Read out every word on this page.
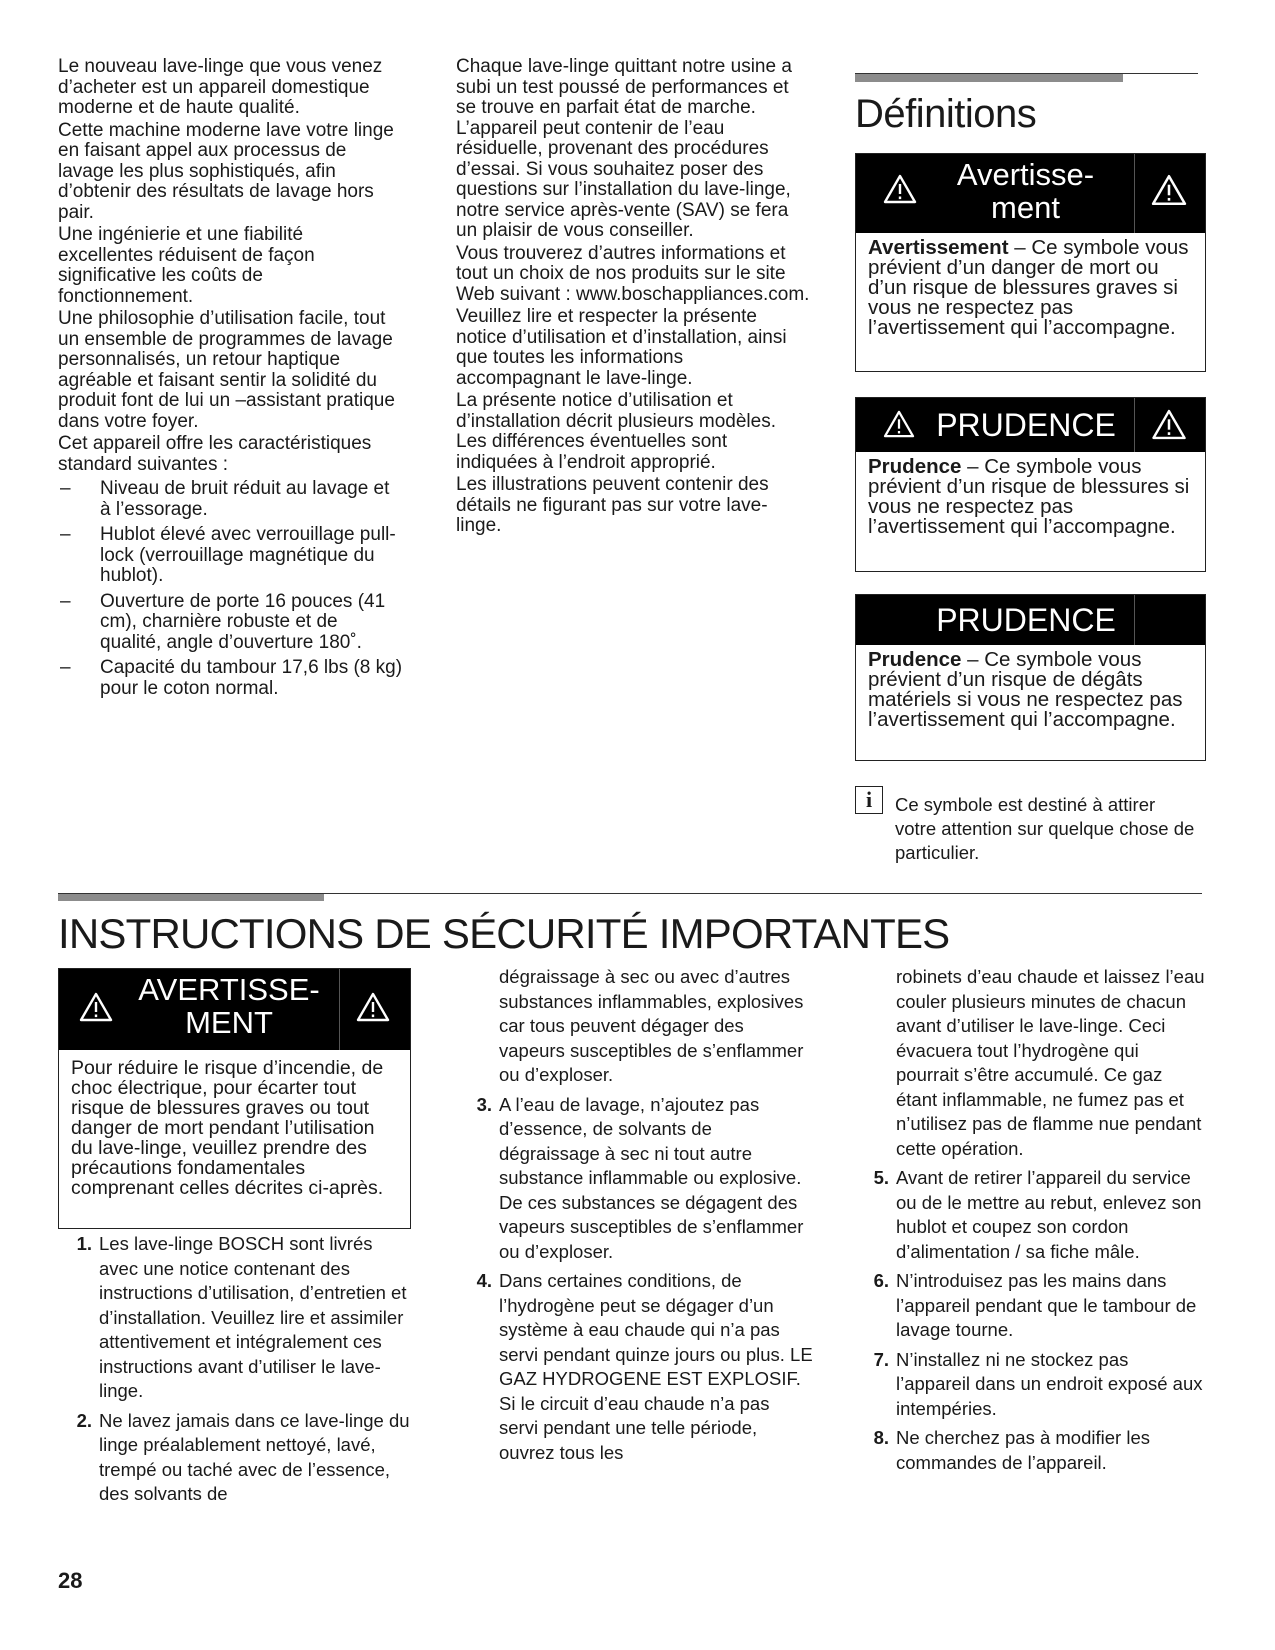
Le nouveau lave-linge que vous venez d’acheter est un appareil domestique moderne et de haute qualité.

Cette machine moderne lave votre linge en faisant appel aux processus de lavage les plus sophistiqués, afin d’obtenir des résultats de lavage hors pair.

Une ingénierie et une fiabilité excellentes réduisent de façon significative les coûts de fonctionnement.

Une philosophie d’utilisation facile, tout un ensemble de programmes de lavage personnalisés, un retour haptique agréable et faisant sentir la solidité du produit font de lui un –assistant pratique dans votre foyer.

Cet appareil offre les caractéristiques standard suivantes :

– Niveau de bruit réduit au lavage et à l’essorage.
– Hublot élevé avec verrouillage pull-lock (verrouillage magnétique du hublot).
– Ouverture de porte 16 pouces (41 cm), charnière robuste et de qualité, angle d’ouverture 180˚.
– Capacité du tambour 17,6 lbs (8 kg) pour le coton normal.

Chaque lave-linge quittant notre usine a subi un test poussé de performances et se trouve en parfait état de marche. L’appareil peut contenir de l’eau résiduelle, provenant des procédures d’essai. Si vous souhaitez poser des questions sur l’installation du lave-linge, notre service après-vente (SAV) se fera un plaisir de vous conseiller.

Vous trouverez d’autres informations et tout un choix de nos produits sur le site Web suivant : www.boschappliances.com.

Veuillez lire et respecter la présente notice d’utilisation et d’installation, ainsi que toutes les informations accompagnant le lave-linge.

La présente notice d’utilisation et d’installation décrit plusieurs modèles. Les différences éventuelles sont indiquées à l’endroit approprié.

Les illustrations peuvent contenir des détails ne figurant pas sur votre lave-linge.

Définitions
Avertisse-
ment
Avertissement – Ce symbole vous prévient d’un danger de mort ou d’un risque de blessures graves si vous ne respectez pas l’avertissement qui l’accompagne.
PRUDENCE
Prudence – Ce symbole vous prévient d’un risque de blessures si vous ne respectez pas l’avertissement qui l’accompagne.
PRUDENCE
Prudence – Ce symbole vous prévient d’un risque de dégâts matériels si vous ne respectez pas l’avertissement qui l’accompagne.
i	Ce symbole est destiné à attirer votre attention sur quelque chose de particulier.
INSTRUCTIONS DE SÉCURITÉ IMPORTANTES
AVERTISSE-
MENT
Pour réduire le risque d’incendie, de choc électrique, pour écarter tout risque de blessures graves ou tout danger de mort pendant l’utilisation du lave-linge, veuillez prendre des précautions fondamentales comprenant celles décrites ci-après.
1. Les lave-linge BOSCH sont livrés avec une notice contenant des instructions d’utilisation, d’entretien et d’installation. Veuillez lire et assimiler attentivement et intégralement ces instructions avant d’utiliser le lave-linge.
2. Ne lavez jamais dans ce lave-linge du linge préalablement nettoyé, lavé, trempé ou taché avec de l’essence, des solvants de
dégraissage à sec ou avec d’autres substances inflammables, explosives car tous peuvent dégager des vapeurs susceptibles de s’enflammer ou d’exploser.
3. A l’eau de lavage, n’ajoutez pas d’essence, de solvants de dégraissage à sec ni tout autre substance inflammable ou explosive. De ces substances se dégagent des vapeurs susceptibles de s’enflammer ou d’exploser.
4. Dans certaines conditions, de l’hydrogène peut se dégager d’un système à eau chaude qui n’a pas servi pendant quinze jours ou plus. LE GAZ HYDROGENE EST EXPLOSIF. Si le circuit d’eau chaude n’a pas servi pendant une telle période, ouvrez tous les
robinets d’eau chaude et laissez l’eau couler plusieurs minutes de chacun avant d’utiliser le lave-linge. Ceci évacuera tout l’hydrogène qui pourrait s’être accumulé. Ce gaz étant inflammable, ne fumez pas et n’utilisez pas de flamme nue pendant cette opération.
5. Avant de retirer l’appareil du service ou de le mettre au rebut, enlevez son hublot et coupez son cordon d’alimentation / sa fiche mâle.
6. N’introduisez pas les mains dans l’appareil pendant que le tambour de lavage tourne.
7. N’installez ni ne stockez pas l’appareil dans un endroit exposé aux intempéries.
8. Ne cherchez pas à modifier les commandes de l’appareil.
28
